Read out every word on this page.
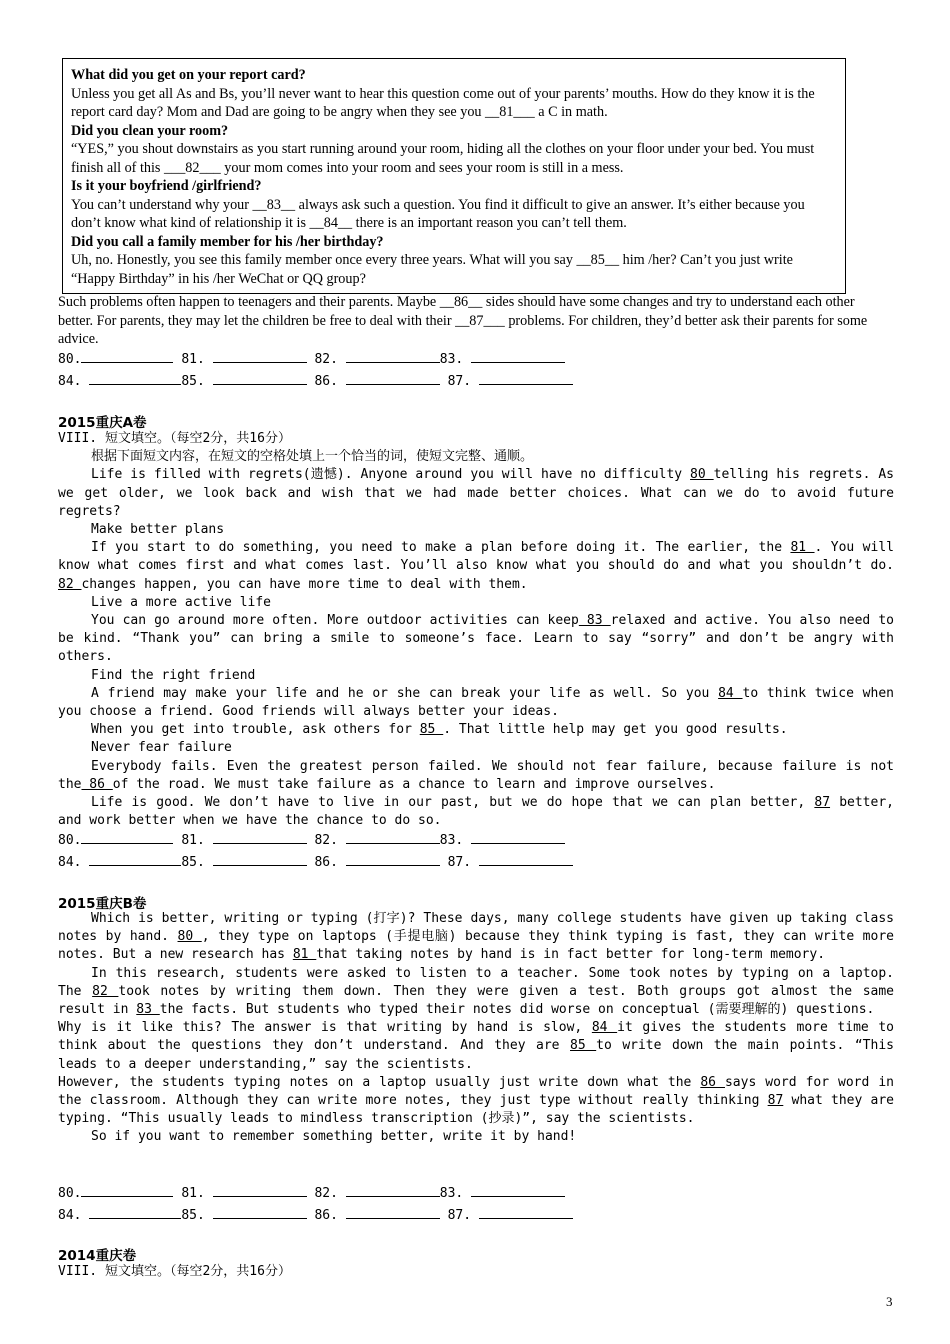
What did you get on your report card?

Unless you get all As and Bs, you’ll never want to hear this question come out of your parents’ mouths. How do they know it is the report card day? Mom and Dad are going to be angry when they see you __81___ a C in math.

Did you clean your room?

“YES,” you shout downstairs as you start running around your room, hiding all the clothes on your floor under your bed. You must finish all of this ___82___ your mom comes into your room and sees your room is still in a mess.

Is it your boyfriend /girlfriend?

You can’t understand why your __83__ always ask such a question. You find it difficult to give an answer. It’s either because you don’t know what kind of relationship it is __84__ there is an important reason you can’t tell them.

Did you call a family member for his /her birthday?

Uh, no. Honestly, you see this family member once every three years. What will you say __85__ him /her? Can’t you just write “Happy Birthday” in his /her WeChat or QQ group?

Such problems often happen to teenagers and their parents. Maybe __86__ sides should have some changes and try to understand each other better. For parents, they may let the children be free to deal with their __87___ problems. For children, they’d better ask their parents for some advice.

80.	81.	82.	83.
84.	85.	86.	87.
2015重庆A卷

VIII. 短文填空。（每空2分，共16分）

根据下面短文内容，在短文的空格处填上一个恰当的词，使短文完整、通顺。

Life is filled with regrets(遗憾). Anyone around you will have no difficulty 80 telling his regrets. As we get older, we look back and wish that we had made better choices. What can we do to avoid future regrets?

Make better plans

If you start to do something, you need to make a plan before doing it. The earlier, the 81 . You will know what comes first and what comes last. You’ll also know what you should do and what you shouldn’t do. 82 changes happen, you can have more time to deal with them.

Live a more active life

You can go around more often. More outdoor activities can keep 83 relaxed and active. You also need to be kind. “Thank you” can bring a smile to someone’s face. Learn to say “sorry” and don’t be angry with others.

Find the right friend

A friend may make your life and he or she can break your life as well. So you 84 to think twice when you choose a friend. Good friends will always better your ideas.

When you get into trouble, ask others for 85 . That little help may get you good results.

Never fear failure

Everybody fails. Even the greatest person failed. We should not fear failure, because failure is not the 86 of the road. We must take failure as a chance to learn and improve ourselves.

Life is good. We don’t have to live in our past, but we do hope that we can plan better, 87 better, and work better when we have the chance to do so.

80.	81.	82.	83.
84.	85.	86.	87.
2015重庆B卷

Which is better, writing or typing (打字)? These days, many college students have given up taking class notes by hand. 80 , they type on laptops (手提电脑) because they think typing is fast, they can write more notes. But a new research has 81 that taking notes by hand is in fact better for long-term memory.

In this research, students were asked to listen to a teacher. Some took notes by typing on a laptop. The 82 took notes by writing them down. Then they were given a test. Both groups got almost the same result in 83 the facts. But students who typed their notes did worse on conceptual (需要理解的) questions.

Why is it like this? The answer is that writing by hand is slow, 84 it gives the students more time to think about the questions they don’t understand. And they are 85 to write down the main points. “This leads to a deeper understanding,” say the scientists.

However, the students typing notes on a laptop usually just write down what the 86 says word for word in the classroom. Although they can write more notes, they just type without really thinking 87 what they are typing. “This usually leads to mindless transcription (抄录)”, say the scientists.

So if you want to remember something better, write it by hand!

80.	81.	82.	83.
84.	85.	86.	87.
2014重庆卷

VIII. 短文填空。（每空2分，共16分）

3
